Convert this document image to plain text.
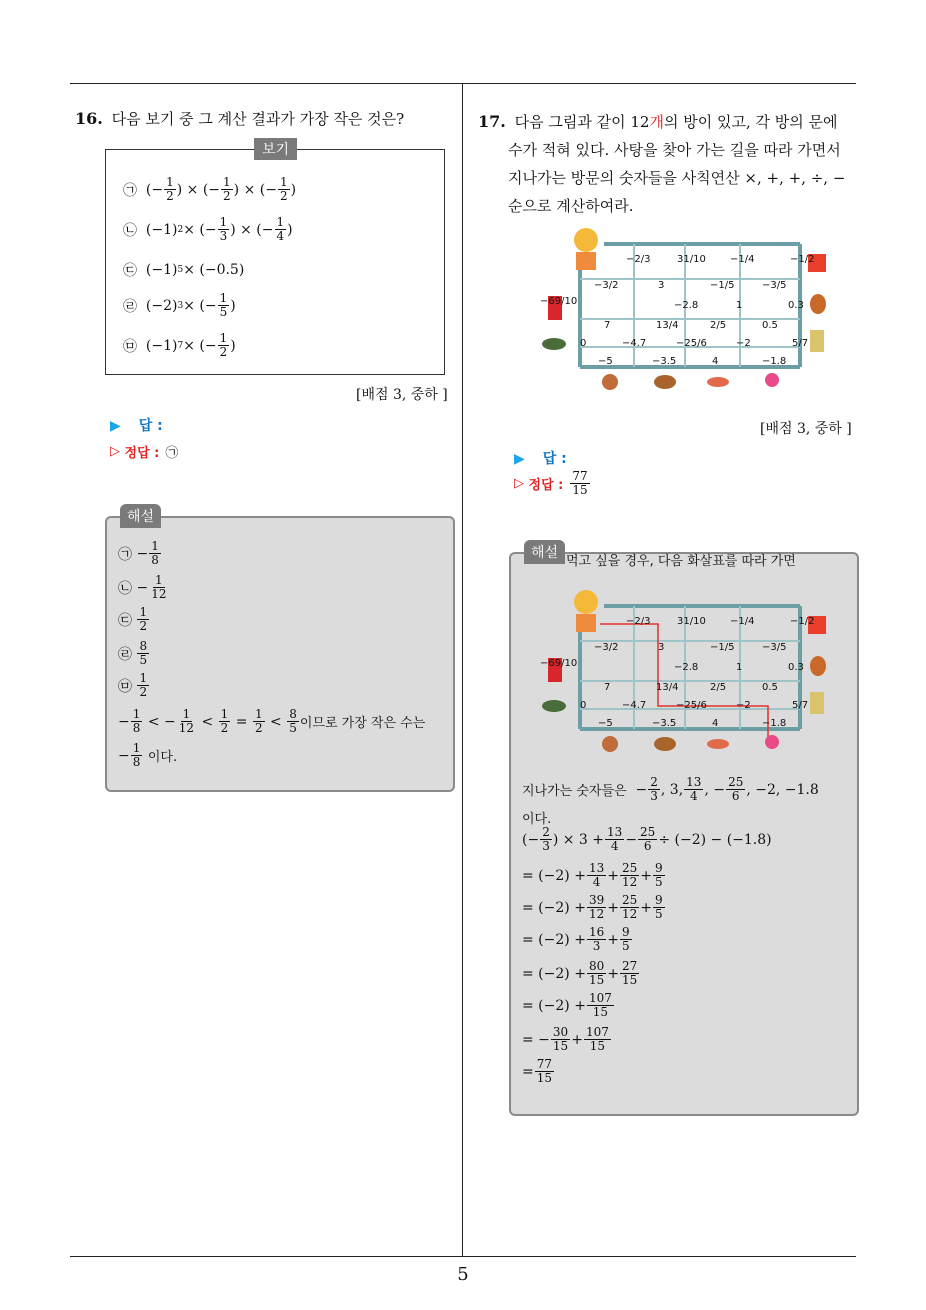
5
16. 다음 보기 중 그 계산 결과가 가장 작은 것은?
보기
㉠ (− $\frac{1}{2}$ ) × (− $\frac{1}{2}$ ) × (− $\frac{1}{2}$ )
㉡ (−1) 2 × (− $\frac{1}{3}$ ) × (− $\frac{1}{4}$ )
㉢ (−1) 5 × (−0.5)
㉣ (−2) 3 × (− $\frac{1}{5}$ )
㉤ (−1) 7 × (− $\frac{1}{2}$ )
[배점 3, 중하 ]
▶ 답 :
▷
정답 : ㉠
해설
㉠ − $\frac{1}{8}$
㉡ − $\frac{1}{12}$
㉢
$\frac{1}{2}$
㉣
$\frac{8}{5}$
㉤
$\frac{1}{2}$
− $\frac{1}{8}$ < − $\frac{1}{12} < \frac{1}{2} = \frac{1}{2} < \frac{8}{5}$ 이므로 가장 작은 수는
− $\frac{1}{8}$
이다.
17. 다음 그림과 같이 12개의 방이 있고, 각 방의 문에
수가 적혀 있다. 사탕을 찾아 가는 길을 따라 가면서
지나가는 방문의 숫자들을 사칙연산 ×, +, +, ÷, −
순으로 계산하여라.
−2/3	31/10 −1/4	−1/2
−3/2	3	−1/5	−3/5
−69/10	−2.8	1	0.3
7	13/4	2/5	0.5
0	−4.7	−25/6	−2	5/7
−5	−3.5	4	−1.8
[배점 3, 중하 ]
▶ 답 :
▷
정답 : $\frac{77}{15}$
해설
먹고 싶을 경우, 다음 화살표를 따라 가면
−2/3	31/10 −1/4	−1/2
−3/2	3	−1/5	−3/5
−69/10	−2.8	1	0.3
7	13/4	2/5	0.5
0	−4.7	−25/6	−2	5/7
−5	−3.5	4	−1.8
지나가는 숫자들은 − $\frac{2}{3}$ , 3, $\frac{13}{4}$ , − $\frac{25}{6}$ , −2, −1.8
이다.
(− $\frac{2}{3}$ ) × $3 + \frac{13}{4} - \frac{25}{6} \div (-2) - (-1.8)$
= $(-2) + \frac{13}{4} + \frac{25}{12} + \frac{9}{5}$
= $(-2) + \frac{39}{12} + \frac{25}{12} + \frac{9}{5}$
= $(-2) + \frac{16}{3} + \frac{9}{5}$
= $(-2) + \frac{80}{15} + \frac{27}{15}$
= $(-2) + \frac{107}{15}$
= − $\frac{30}{15} + \frac{107}{15}$
= $\frac{77}{15}$
